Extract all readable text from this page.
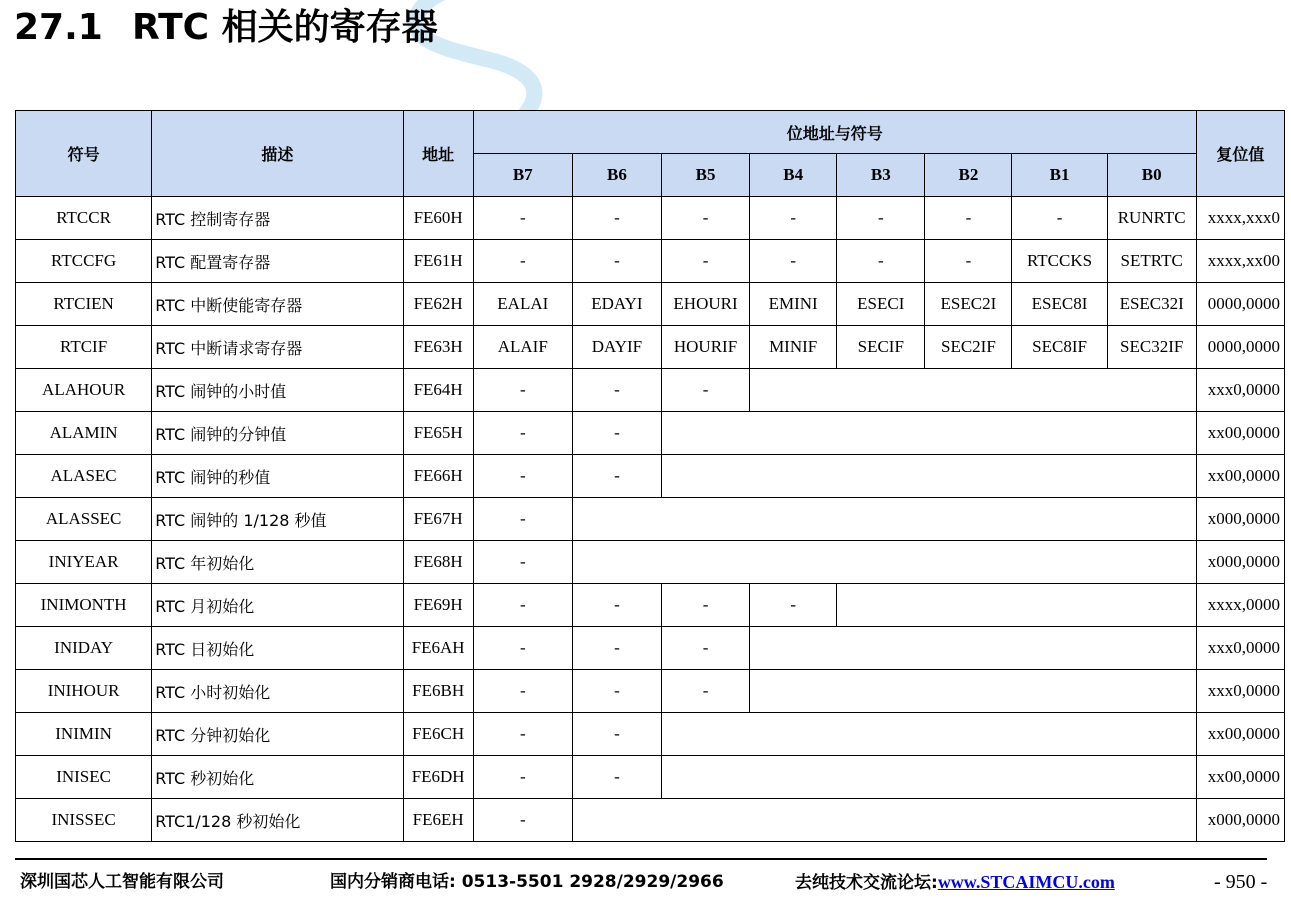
27.1 RTC 相关的寄存器
符号	描述	地址	位地址与符号								复位值
			B7	B6	B5	B4	B3	B2	B1	B0	
RTCCR	RTC 控制寄存器	FE60H	-	-	-	-	-	-	-	RUNRTC	xxxx,xxx0
RTCCFG	RTC 配置寄存器	FE61H	-	-	-	-	-	-	RTCCKS	SETRTC	xxxx,xx00
RTCIEN	RTC 中断使能寄存器	FE62H	EALAI	EDAYI	EHOURI	EMINI	ESECI	ESEC2I	ESEC8I	ESEC32I	0000,0000
RTCIF	RTC 中断请求寄存器	FE63H	ALAIF	DAYIF	HOURIF	MINIF	SECIF	SEC2IF	SEC8IF	SEC32IF	0000,0000
ALAHOUR	RTC 闹钟的小时值	FE64H	-	-	-						xxx0,0000
ALAMIN	RTC 闹钟的分钟值	FE65H	-	-							xx00,0000
ALASEC	RTC 闹钟的秒值	FE66H	-	-							xx00,0000
ALASSEC	RTC 闹钟的 1/128 秒值	FE67H	-								x000,0000
INIYEAR	RTC 年初始化	FE68H	-								x000,0000
INIMONTH	RTC 月初始化	FE69H	-	-	-	-					xxxx,0000
INIDAY	RTC 日初始化	FE6AH	-	-	-						xxx0,0000
INIHOUR	RTC 小时初始化	FE6BH	-	-	-						xxx0,0000
INIMIN	RTC 分钟初始化	FE6CH	-	-							xx00,0000
INISEC	RTC 秒初始化	FE6DH	-	-							xx00,0000
INISSEC	RTC1/128 秒初始化	FE6EH	-								x000,0000
深圳国芯人工智能有限公司	国内分销商电话: 0513-5501 2928/2929/2966	去纯技术交流论坛:www.STCAIMCU.com	- 950 -
